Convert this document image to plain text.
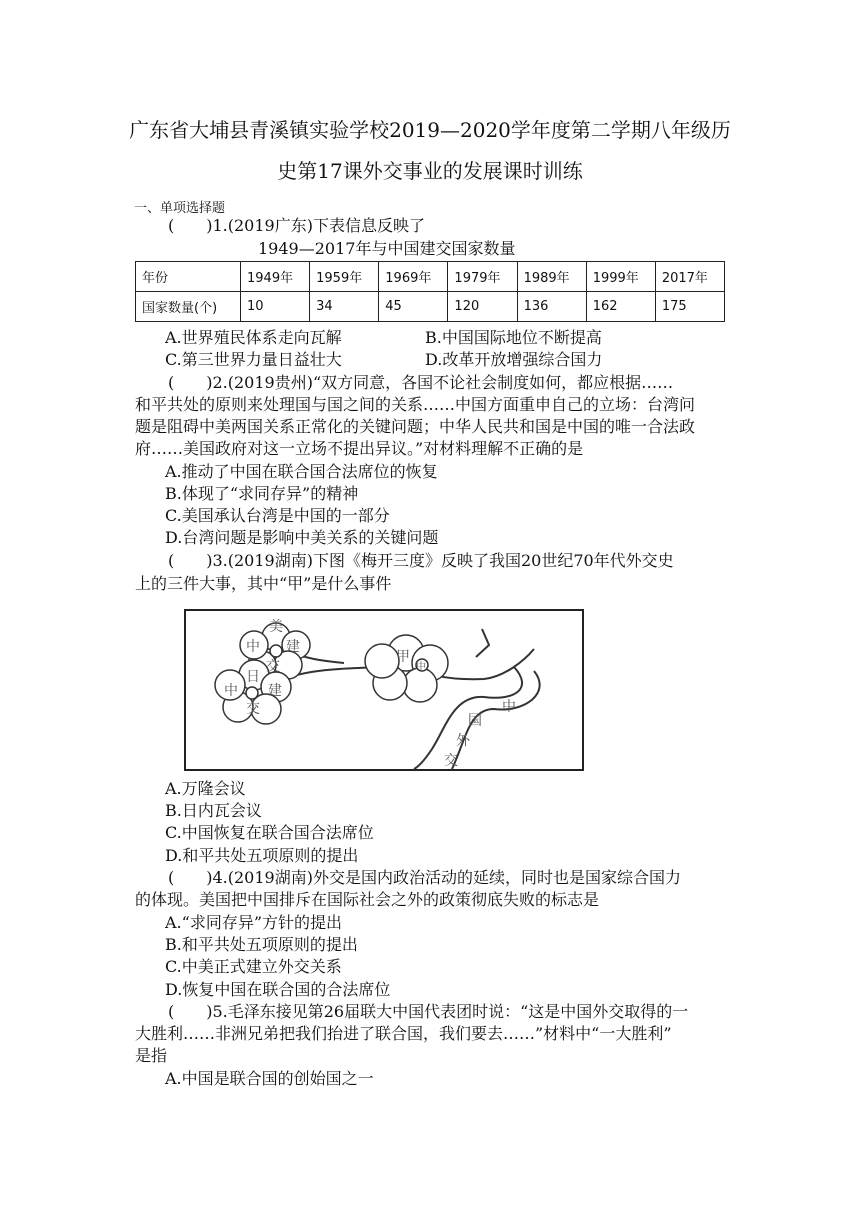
广东省大埔县青溪镇实验学校2019—2020学年度第二学期八年级历
史第17课外交事业的发展课时训练
一、单项选择题
(　　)1.(2019广东)下表信息反映了
1949—2017年与中国建交国家数量
年份	1949年	1959年	1969年	1979年	1989年	1999年	2017年
国家数量(个)	10	34	45	120	136	162	175
A.世界殖民体系走向瓦解	B.中国国际地位不断提高
C.第三世界力量日益壮大	D.改革开放增强综合国力
(　　)2.(2019贵州)“双方同意，各国不论社会制度如何，都应根据……
和平共处的原则来处理国与国之间的关系……中国方面重申自己的立场：台湾问
题是阻碍中美两国关系正常化的关键问题；中华人民共和国是中国的唯一合法政
府……美国政府对这一立场不提出异议。”对材料理解不正确的是
A.推动了中国在联合国合法席位的恢复
B.体现了“求同存异”的精神
C.美国承认台湾是中国的一部分
D.台湾问题是影响中美关系的关键问题
(　　)3.(2019湖南)下图《梅开三度》反映了我国20世纪70年代外交史
上的三件大事，其中“甲”是什么事件
美
中 建
交
甲
中
日
中 建
交	中
国
外
交
A.万隆会议
B.日内瓦会议
C.中国恢复在联合国合法席位
D.和平共处五项原则的提出
(　　)4.(2019湖南)外交是国内政治活动的延续，同时也是国家综合国力
的体现。美国把中国排斥在国际社会之外的政策彻底失败的标志是
A.“求同存异”方针的提出
B.和平共处五项原则的提出
C.中美正式建立外交关系
D.恢复中国在联合国的合法席位
(　　)5.毛泽东接见第26届联大中国代表团时说：“这是中国外交取得的一
大胜利……非洲兄弟把我们抬进了联合国，我们要去……”材料中“一大胜利”
是指
A.中国是联合国的创始国之一
